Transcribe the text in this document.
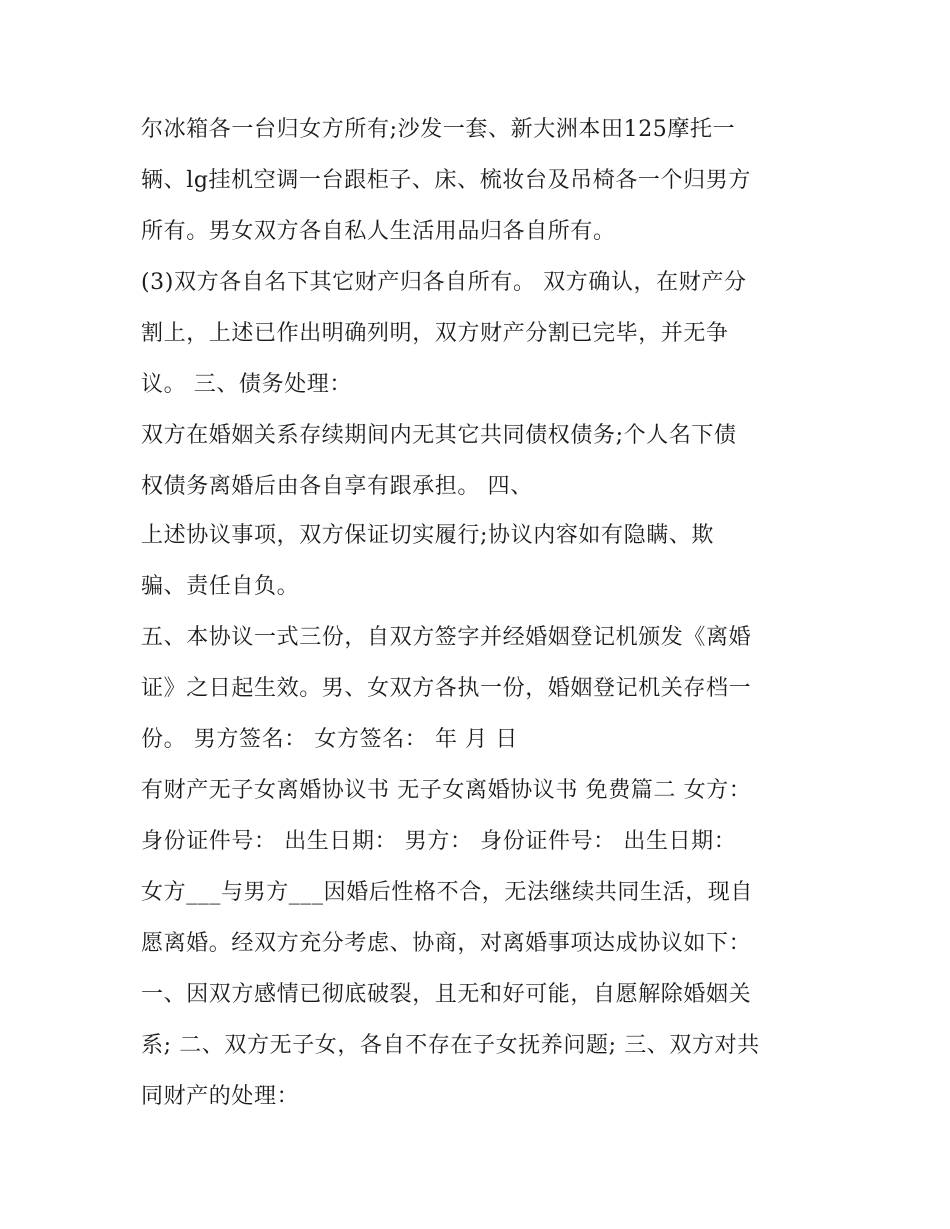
尔冰箱各一台归女方所有;沙发一套、新大洲本田125摩托一
辆、lg挂机空调一台跟柜子、床、梳妆台及吊椅各一个归男方
所有。男女双方各自私人生活用品归各自所有。
(3)双方各自名下其它财产归各自所有。 双方确认，在财产分
割上，上述已作出明确列明，双方财产分割已完毕，并无争
议。 三、债务处理：
双方在婚姻关系存续期间内无其它共同债权债务;个人名下债
权债务离婚后由各自享有跟承担。 四、
上述协议事项，双方保证切实履行;协议内容如有隐瞒、欺
骗、责任自负。
五、本协议一式三份，自双方签字并经婚姻登记机颁发《离婚
证》之日起生效。男、女双方各执一份，婚姻登记机关存档一
份。 男方签名： 女方签名： 年 月 日
有财产无子女离婚协议书 无子女离婚协议书 免费篇二 女方：
身份证件号： 出生日期： 男方： 身份证件号： 出生日期：
女方___与男方___因婚后性格不合，无法继续共同生活，现自
愿离婚。经双方充分考虑、协商，对离婚事项达成协议如下：
一、因双方感情已彻底破裂，且无和好可能，自愿解除婚姻关
系; 二、双方无子女，各自不存在子女抚养问题; 三、双方对共
同财产的处理：
